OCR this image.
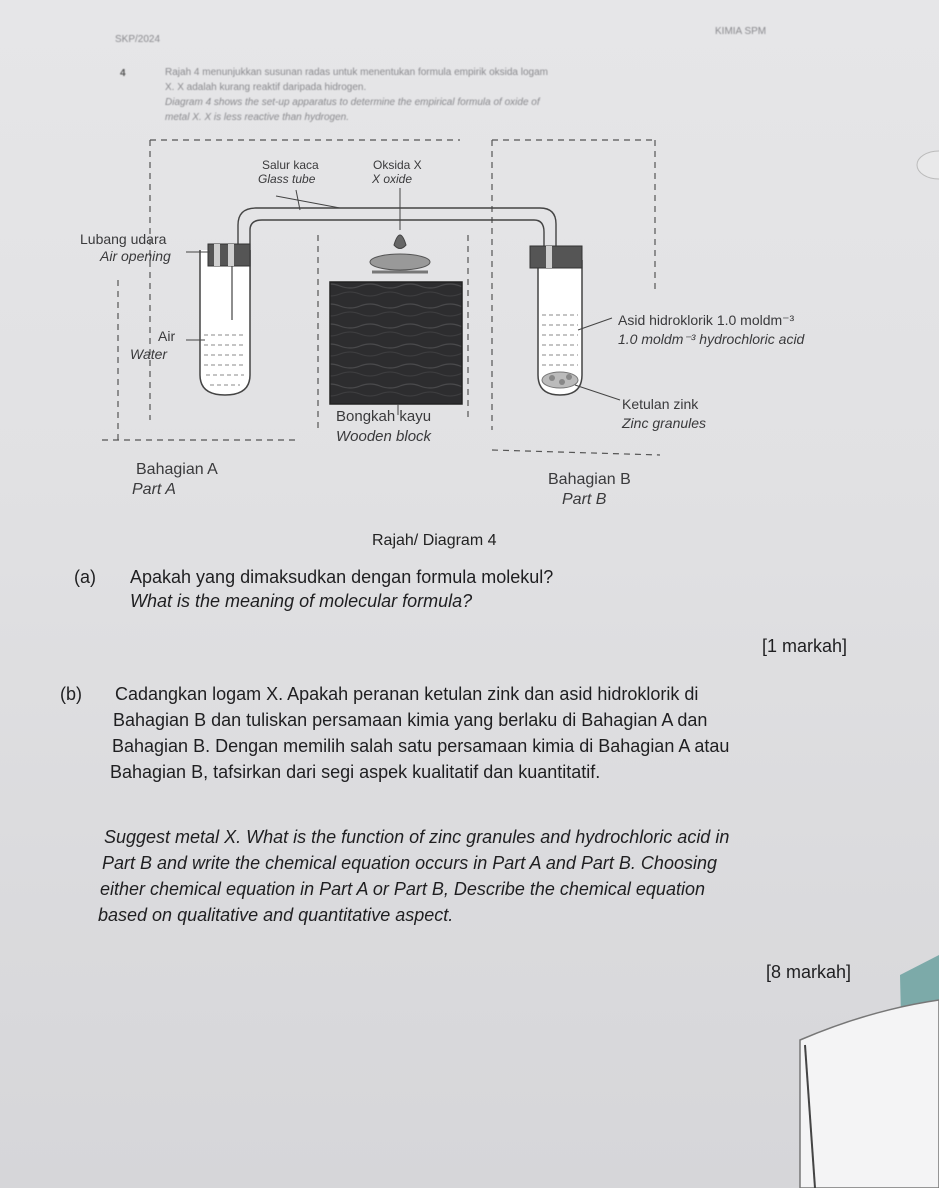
SKP/2024
KIMIA SPM
4	Rajah 4 menunjukkan susunan radas untuk menentukan formula empirik oksida logam
X. X adalah kurang reaktif daripada hidrogen.
Diagram 4 shows the set-up apparatus to determine the empirical formula of oxide of
metal X. X is less reactive than hydrogen.
Salur kaca
Glass tube
Oksida X
X oxide
Lubang udara
Air opening
Air
Water
Asid hidroklorik 1.0 moldm⁻³
1.0 moldm⁻³ hydrochloric acid
Ketulan zink
Zinc granules
Bongkah kayu
Wooden block
Bahagian A
Part A
Bahagian B
Part B
Rajah/ Diagram 4
(a) Apakah yang dimaksudkan dengan formula molekul?
What is the meaning of molecular formula?
[1 markah]
(b) Cadangkan logam X. Apakah peranan ketulan zink dan asid hidroklorik di
Bahagian B dan tuliskan persamaan kimia yang berlaku di Bahagian A dan
Bahagian B. Dengan memilih salah satu persamaan kimia di Bahagian A atau
Bahagian B, tafsirkan dari segi aspek kualitatif dan kuantitatif.
Suggest metal X. What is the function of zinc granules and hydrochloric acid in
Part B and write the chemical equation occurs in Part A and Part B. Choosing
either chemical equation in Part A or Part B, Describe the chemical equation
based on qualitative and quantitative aspect.
[8 markah]
